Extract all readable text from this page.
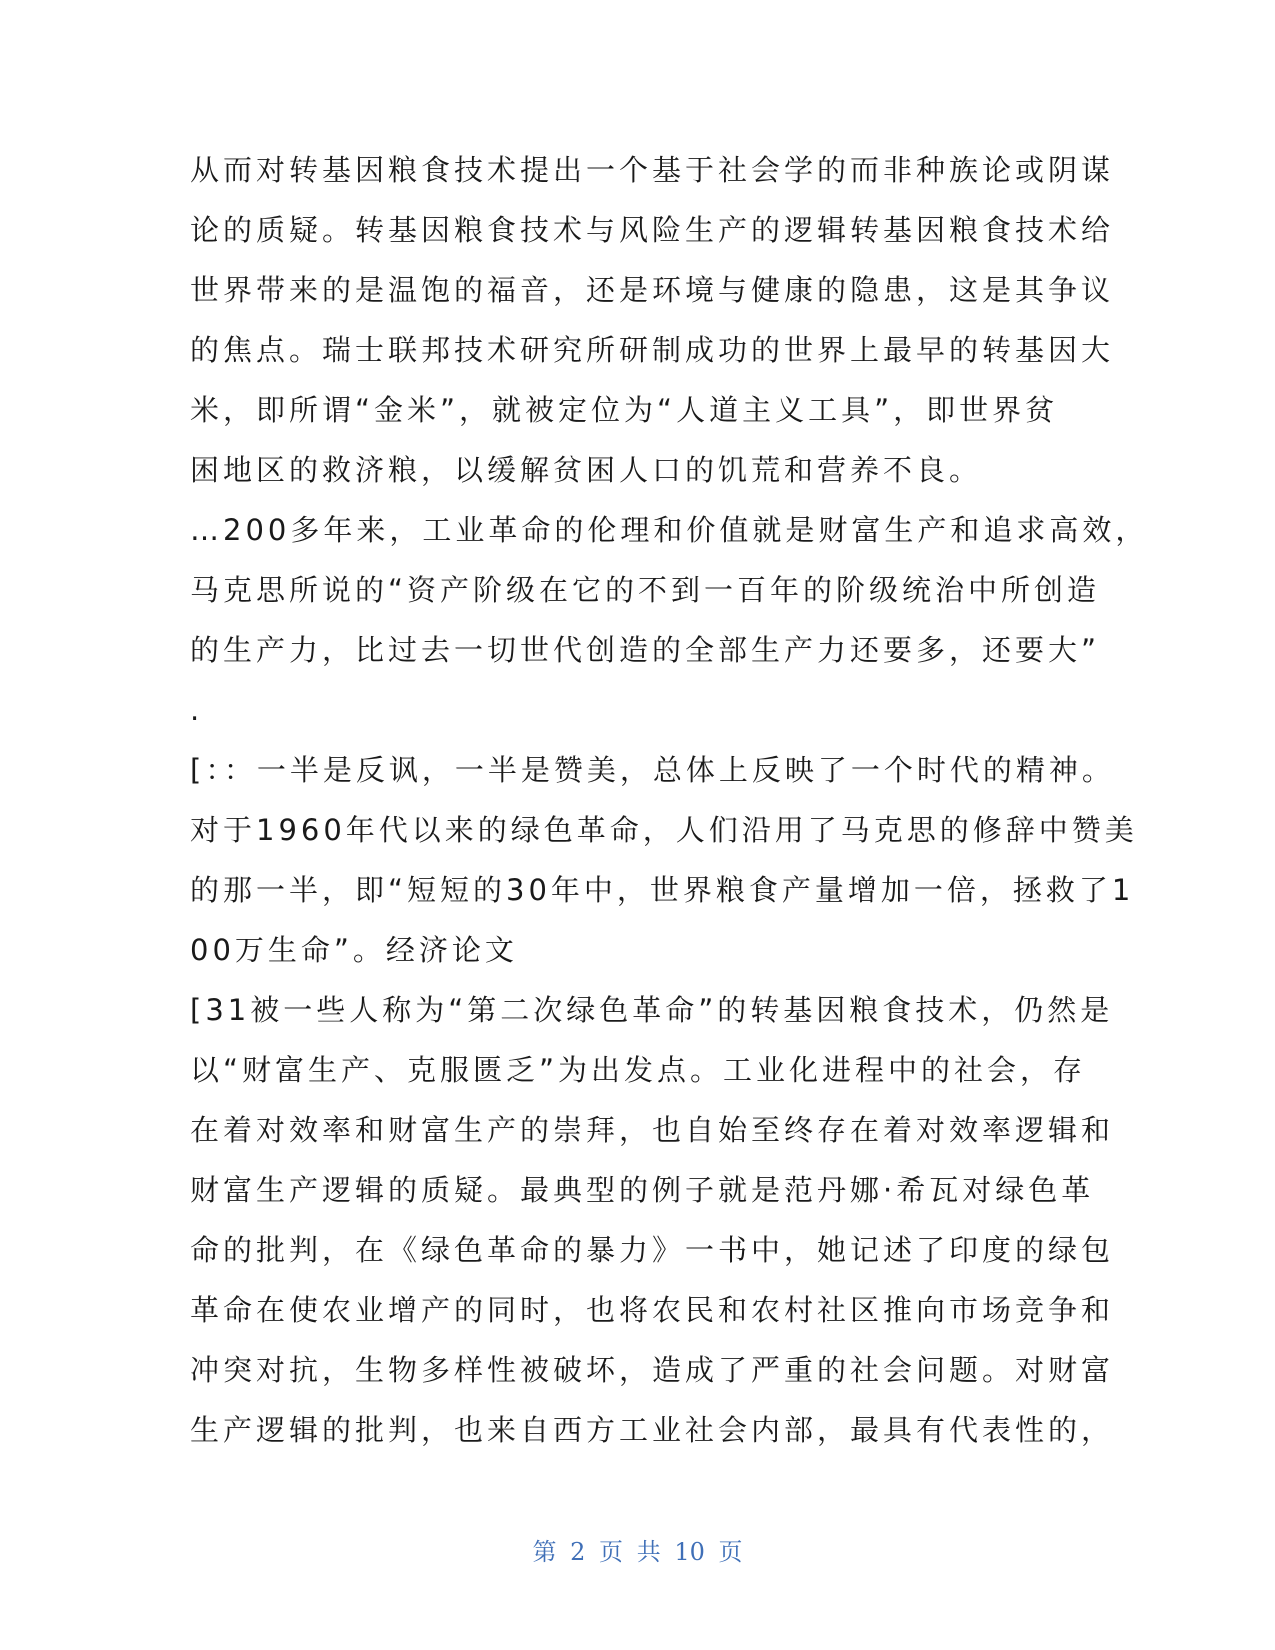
从而对转基因粮食技术提出一个基于社会学的而非种族论或阴谋
论的质疑。转基因粮食技术与风险生产的逻辑转基因粮食技术给
世界带来的是温饱的福音，还是环境与健康的隐患，这是其争议
的焦点。瑞士联邦技术研究所研制成功的世界上最早的转基因大
米，即所谓“金米”，就被定位为“人道主义工具”，即世界贫
困地区的救济粮，以缓解贫困人口的饥荒和营养不良。
…200多年来，工业革命的伦理和价值就是财富生产和追求高效，
马克思所说的“资产阶级在它的不到一百年的阶级统治中所创造
的生产力，比过去一切世代创造的全部生产力还要多，还要大”
.
[：：一半是反讽，一半是赞美，总体上反映了一个时代的精神。
对于1960年代以来的绿色革命，人们沿用了马克思的修辞中赞美
的那一半，即“短短的30年中，世界粮食产量增加一倍，拯救了1
00万生命”。经济论文
[31被一些人称为“第二次绿色革命”的转基因粮食技术，仍然是
以“财富生产、克服匮乏”为出发点。工业化进程中的社会，存
在着对效率和财富生产的崇拜，也自始至终存在着对效率逻辑和
财富生产逻辑的质疑。最典型的例子就是范丹娜·希瓦对绿色革
命的批判，在《绿色革命的暴力》一书中，她记述了印度的绿包
革命在使农业增产的同时，也将农民和农村社区推向市场竞争和
冲突对抗，生物多样性被破坏，造成了严重的社会问题。对财富
生产逻辑的批判，也来自西方工业社会内部，最具有代表性的，
第 2 页 共 10 页
